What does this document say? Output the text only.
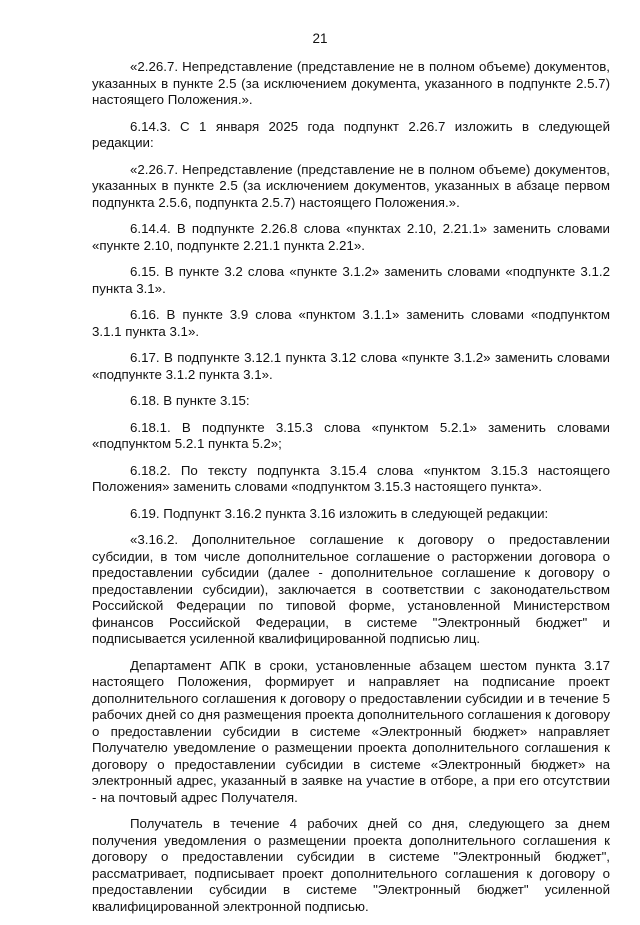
21

«2.26.7. Непредставление (представление не в полном объеме) документов, указанных в пункте 2.5 (за исключением документа, указанного в подпункте 2.5.7) настоящего Положения.».

6.14.3. С 1 января 2025 года подпункт 2.26.7 изложить в следующей редакции:

«2.26.7. Непредставление (представление не в полном объеме) документов, указанных в пункте 2.5 (за исключением документов, указанных в абзаце первом подпункта 2.5.6, подпункта 2.5.7) настоящего Положения.».

6.14.4. В подпункте 2.26.8 слова «пунктах 2.10, 2.21.1» заменить словами «пункте 2.10, подпункте 2.21.1 пункта 2.21».

6.15. В пункте 3.2 слова «пункте 3.1.2» заменить словами «подпункте 3.1.2 пункта 3.1».

6.16. В пункте 3.9 слова «пунктом 3.1.1» заменить словами «подпунктом 3.1.1 пункта 3.1».

6.17. В подпункте 3.12.1 пункта 3.12 слова «пункте 3.1.2» заменить словами «подпункте 3.1.2 пункта 3.1».

6.18. В пункте 3.15:

6.18.1. В подпункте 3.15.3 слова «пунктом 5.2.1» заменить словами «подпунктом 5.2.1 пункта 5.2»;

6.18.2. По тексту подпункта 3.15.4 слова «пунктом 3.15.3 настоящего Положения» заменить словами «подпунктом 3.15.3 настоящего пункта».

6.19. Подпункт 3.16.2 пункта 3.16 изложить в следующей редакции:

«3.16.2. Дополнительное соглашение к договору о предоставлении субсидии, в том числе дополнительное соглашение о расторжении договора о предоставлении субсидии (далее - дополнительное соглашение к договору о предоставлении субсидии), заключается в соответствии с законодательством Российской Федерации по типовой форме, установленной Министерством финансов Российской Федерации, в системе "Электронный бюджет" и подписывается усиленной квалифицированной подписью лиц.

Департамент АПК в сроки, установленные абзацем шестом пункта 3.17 настоящего Положения, формирует и направляет на подписание проект дополнительного соглашения к договору о предоставлении субсидии и в течение 5 рабочих дней со дня размещения проекта дополнительного соглашения к договору о предоставлении субсидии в системе «Электронный бюджет» направляет Получателю уведомление о размещении проекта дополнительного соглашения к договору о предоставлении субсидии в системе «Электронный бюджет» на электронный адрес, указанный в заявке на участие в отборе, а при его отсутствии - на почтовый адрес Получателя.

Получатель в течение 4 рабочих дней со дня, следующего за днем получения уведомления о размещении проекта дополнительного соглашения к договору о предоставлении субсидии в системе "Электронный бюджет", рассматривает, подписывает проект дополнительного соглашения к договору о предоставлении субсидии в системе "Электронный бюджет" усиленной квалифицированной электронной подписью.
